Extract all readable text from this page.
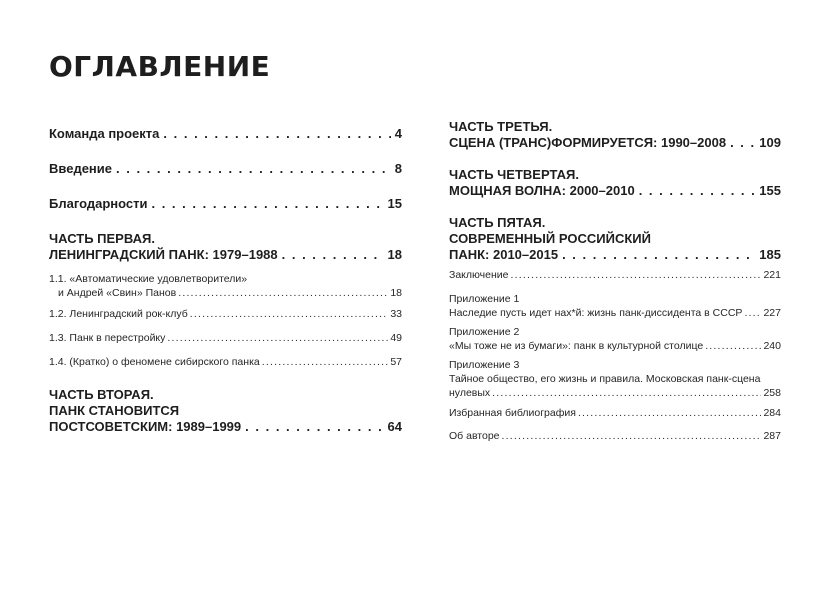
ОГЛАВЛЕНИЕ
Команда проекта . . .	4
Введение . . .	8
Благодарности . . .	15
ЧАСТЬ ПЕРВАЯ.
ЛЕНИНГРАДСКИЙ ПАНК: 1979–1988 . . .	18
1.1. «Автоматические удовлетворители»
и Андрей «Свин» Панов .....	18
1.2. Ленинградский рок-клуб .....	33
1.3. Панк в перестройку .....	49
1.4. (Кратко) о феномене сибирского панка .....	57
ЧАСТЬ ВТОРАЯ.
ПАНК СТАНОВИТСЯ
ПОСТСОВЕТСКИМ: 1989–1999 . . .	64
ЧАСТЬ ТРЕТЬЯ.
СЦЕНА (ТРАНС)ФОРМИРУЕТСЯ: 1990–2008 . . .	109
ЧАСТЬ ЧЕТВЕРТАЯ.
МОЩНАЯ ВОЛНА: 2000–2010 . . .	155
ЧАСТЬ ПЯТАЯ.
СОВРЕМЕННЫЙ РОССИЙСКИЙ
ПАНК: 2010–2015 . . .	185
Заключение .....	221
Приложение 1
Наследие пусть идет нах*й: жизнь панк-диссидента в СССР ..... 227
Приложение 2
«Мы тоже не из бумаги»: панк в культурной столице .....	240
Приложение 3
Тайное общество, его жизнь и правила. Московская панк-сцена
нулевых .....	258
Избранная библиография .....	284
Об авторе .....	287
